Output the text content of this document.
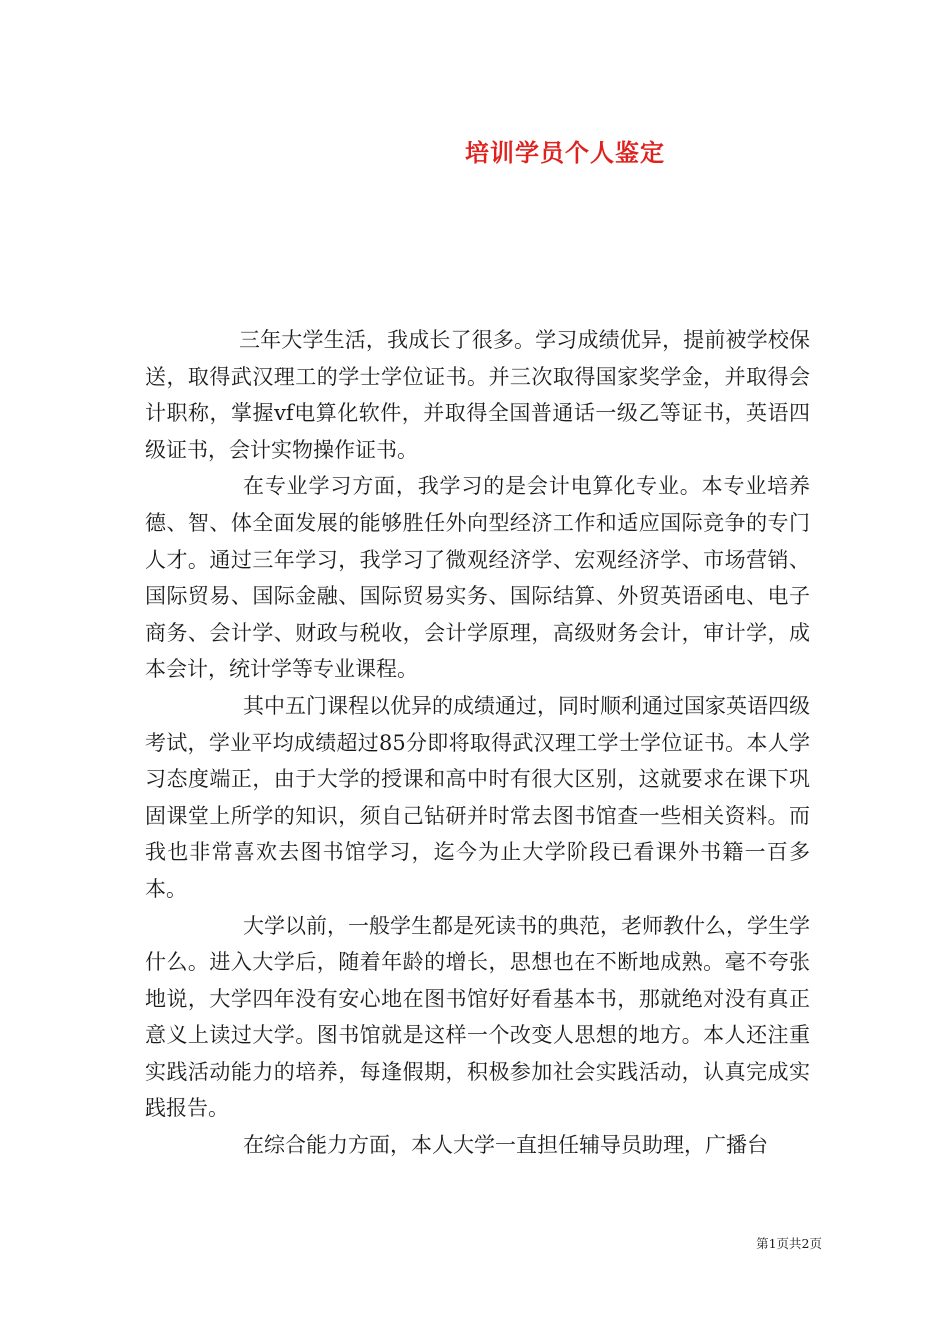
培训学员个人鉴定

三年大学生活，我成长了很多。学习成绩优异，提前被学校保送，取得武汉理工的学士学位证书。并三次取得国家奖学金，并取得会计职称，掌握vf电算化软件，并取得全国普通话一级乙等证书，英语四级证书，会计实物操作证书。

在专业学习方面，我学习的是会计电算化专业。本专业培养德、智、体全面发展的能够胜任外向型经济工作和适应国际竞争的专门人才。通过三年学习，我学习了微观经济学、宏观经济学、市场营销、国际贸易、国际金融、国际贸易实务、国际结算、外贸英语函电、电子商务、会计学、财政与税收，会计学原理，高级财务会计，审计学，成本会计，统计学等专业课程。

其中五门课程以优异的成绩通过，同时顺利通过国家英语四级考试，学业平均成绩超过85分即将取得武汉理工学士学位证书。本人学习态度端正，由于大学的授课和高中时有很大区别，这就要求在课下巩固课堂上所学的知识，须自己钻研并时常去图书馆查一些相关资料。而我也非常喜欢去图书馆学习，迄今为止大学阶段已看课外书籍一百多本。

大学以前，一般学生都是死读书的典范，老师教什么，学生学什么。进入大学后，随着年龄的增长，思想也在不断地成熟。毫不夸张地说，大学四年没有安心地在图书馆好好看基本书，那就绝对没有真正意义上读过大学。图书馆就是这样一个改变人思想的地方。本人还注重实践活动能力的培养，每逢假期，积极参加社会实践活动，认真完成实践报告。

在综合能力方面，本人大学一直担任辅导员助理，广播台

第1页共2页
